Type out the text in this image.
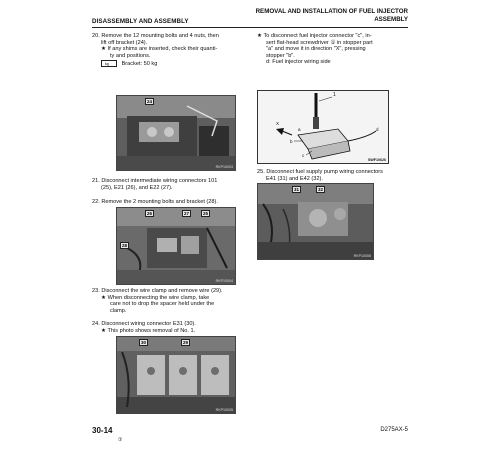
DISASSEMBLY AND ASSEMBLY
REMOVAL AND INSTALLATION OF FUEL INJECTOR
ASSEMBLY
20. Remove the 12 mounting bolts and 4 nuts, then
lift off bracket (24).
★ If any shims are inserted, check their quanti-
ty and positions.
kg Bracket: 50 kg
24
RKP10003
21. Disconnect intermediate wiring connectors 101
(25), E21 (26), and E22 (27).
22. Remove the 2 mounting bolts and bracket (28).
26	27	25
28
RKP10004
23. Disconnect the wire clamp and remove wire (29).
★ When disconnecting the wire clamp, take
care not to drop the spacer held under the
clamp.
24. Disconnect wiring connector E31 (30).
★ This photo shows removal of No. 1.
30	29
RKP10005
★ To disconnect fuel injector connector "c", in-
sert flat-head screwdriver ① in stopper part
"a" and move it in direction "X", pressing
stopper "b".
d: Fuel injector wiring side
1
a
b
c
d
X
SWF10626
25. Disconnect fuel supply pump wiring connectors
E41 (31) and E42 (32).
31	32
RKP10006
30-14
①
D275AX-5
